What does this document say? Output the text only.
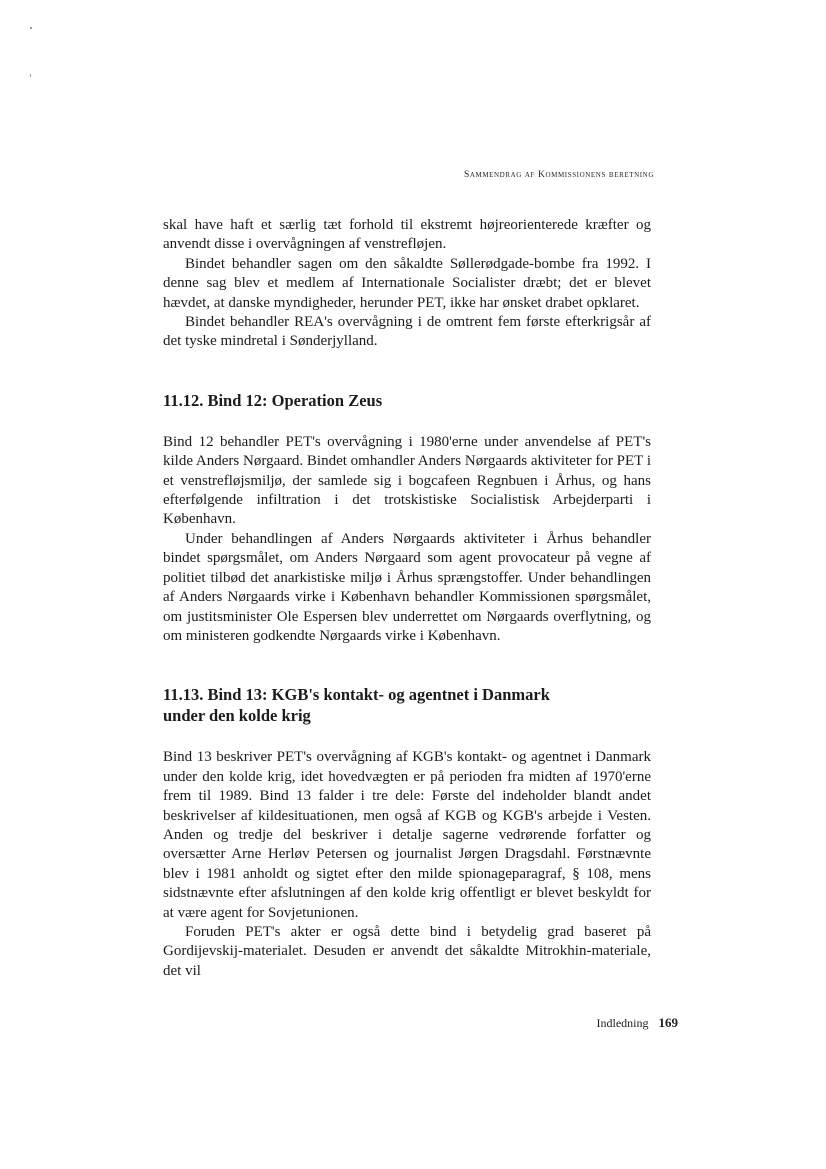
Sammendrag af Kommissionens beretning

skal have haft et særlig tæt forhold til ekstremt højreorienterede kræfter og anvendt disse i overvågningen af venstrefløjen.

Bindet behandler sagen om den såkaldte Søllerødgade-bombe fra 1992. I denne sag blev et medlem af Internationale Socialister dræbt; det er blevet hævdet, at danske myndigheder, herunder PET, ikke har ønsket drabet opklaret.

Bindet behandler REA's overvågning i de omtrent fem første efterkrigsår af det tyske mindretal i Sønderjylland.

11.12. Bind 12: Operation Zeus

Bind 12 behandler PET's overvågning i 1980'erne under anvendelse af PET's kilde Anders Nørgaard. Bindet omhandler Anders Nørgaards aktiviteter for PET i et venstrefløjsmiljø, der samlede sig i bogcafeen Regnbuen i Århus, og hans efterfølgende infiltration i det trotskistiske Socialistisk Arbejderparti i København.

Under behandlingen af Anders Nørgaards aktiviteter i Århus behandler bindet spørgsmålet, om Anders Nørgaard som agent provocateur på vegne af politiet tilbød det anarkistiske miljø i Århus sprængstoffer. Under behandlingen af Anders Nørgaards virke i København behandler Kommissionen spørgsmålet, om justitsminister Ole Espersen blev underrettet om Nørgaards overflytning, og om ministeren godkendte Nørgaards virke i København.

11.13. Bind 13: KGB's kontakt- og agentnet i Danmark
under den kolde krig

Bind 13 beskriver PET's overvågning af KGB's kontakt- og agentnet i Danmark under den kolde krig, idet hovedvægten er på perioden fra midten af 1970'erne frem til 1989. Bind 13 falder i tre dele: Første del indeholder blandt andet beskrivelser af kildesituationen, men også af KGB og KGB's arbejde i Vesten. Anden og tredje del beskriver i detalje sagerne vedrørende forfatter og oversætter Arne Herløv Petersen og journalist Jørgen Dragsdahl. Førstnævnte blev i 1981 anholdt og sigtet efter den milde spionageparagraf, § 108, mens sidstnævnte efter afslutningen af den kolde krig offentligt er blevet beskyldt for at være agent for Sovjetunionen.

Foruden PET's akter er også dette bind i betydelig grad baseret på Gordijevskij-materialet. Desuden er anvendt det såkaldte Mitrokhin-materiale, det vil

Indledning 169
